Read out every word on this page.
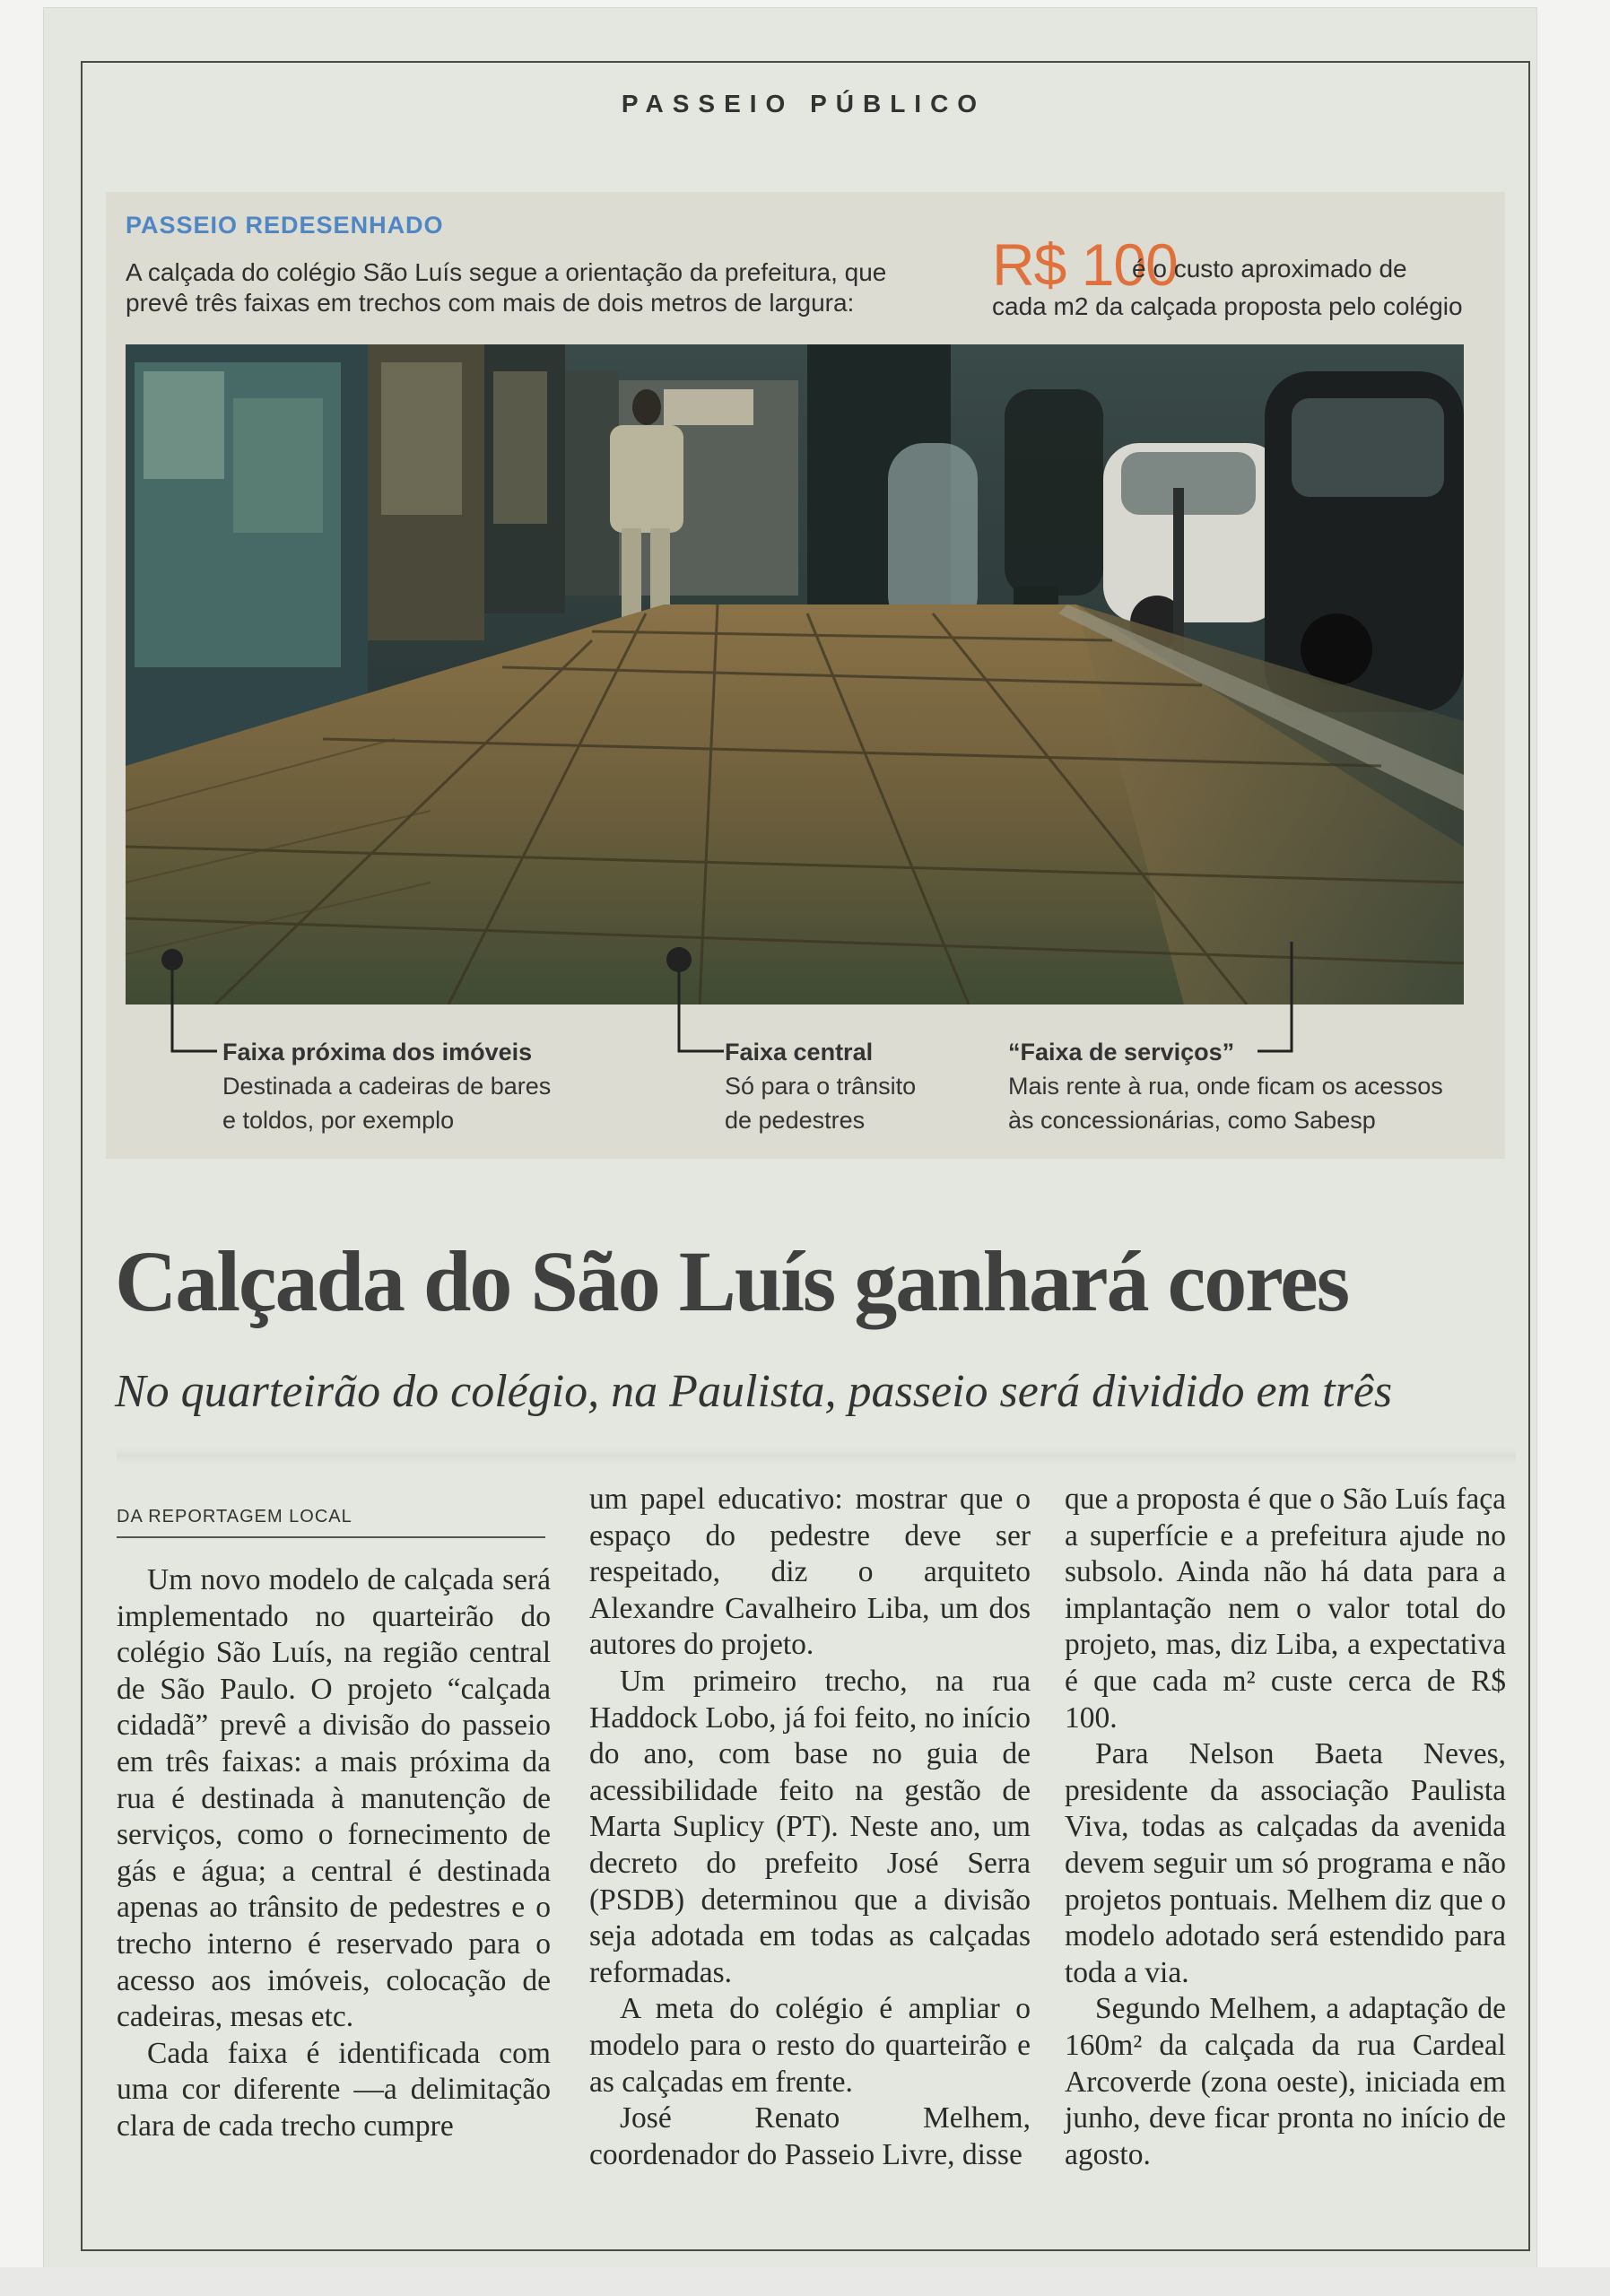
PASSEIO PÚBLICO
PASSEIO REDESENHADO
A calçada do colégio São Luís segue a orientação da prefeitura, que
prevê três faixas em trechos com mais de dois metros de largura:
R$ 100
é o custo aproximado de
cada m2 da calçada proposta pelo colégio
Faixa próxima dos imóveis
Destinada a cadeiras de bares
e toldos, por exemplo
Faixa central
Só para o trânsito
de pedestres
“Faixa de serviços”
Mais rente à rua, onde ficam os acessos
às concessionárias, como Sabesp
Calçada do São Luís ganhará cores
No quarteirão do colégio, na Paulista, passeio será dividido em três
DA REPORTAGEM LOCAL

Um novo modelo de calçada será implementado no quarteirão do colégio São Luís, na região central de São Paulo. O projeto “calçada cidadã” prevê a divisão do passeio em três faixas: a mais próxima da rua é destinada à manutenção de serviços, como o fornecimento de gás e água; a central é destinada apenas ao trânsito de pedestres e o trecho interno é reservado para o acesso aos imóveis, colocação de cadeiras, mesas etc.

Cada faixa é identificada com uma cor diferente —a delimitação clara de cada trecho cumpre

um papel educativo: mostrar que o espaço do pedestre deve ser respeitado, diz o arquiteto Alexandre Cavalheiro Liba, um dos autores do projeto.

Um primeiro trecho, na rua Haddock Lobo, já foi feito, no início do ano, com base no guia de acessibilidade feito na gestão de Marta Suplicy (PT). Neste ano, um decreto do prefeito José Serra (PSDB) determinou que a divisão seja adotada em todas as calçadas reformadas.

A meta do colégio é ampliar o modelo para o resto do quarteirão e as calçadas em frente.

José Renato Melhem, coordenador do Passeio Livre, disse

que a proposta é que o São Luís faça a superfície e a prefeitura ajude no subsolo. Ainda não há data para a implantação nem o valor total do projeto, mas, diz Liba, a expectativa é que cada m² custe cerca de R$ 100.

Para Nelson Baeta Neves, presidente da associação Paulista Viva, todas as calçadas da avenida devem seguir um só programa e não projetos pontuais. Melhem diz que o modelo adotado será estendido para toda a via.

Segundo Melhem, a adaptação de 160m² da calçada da rua Cardeal Arcoverde (zona oeste), iniciada em junho, deve ficar pronta no início de agosto.
